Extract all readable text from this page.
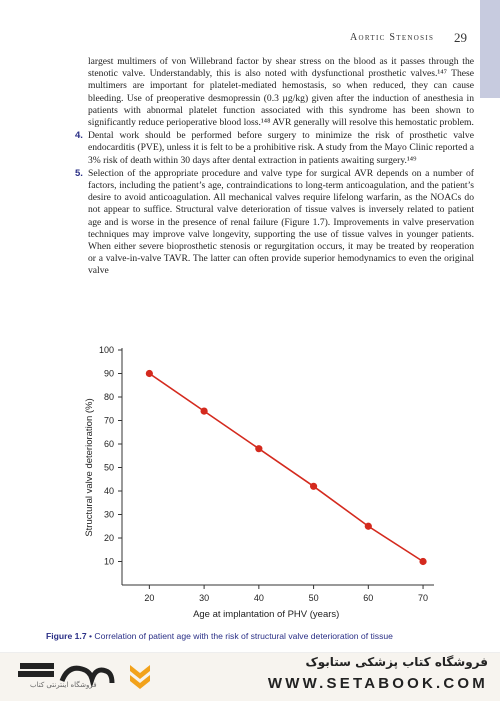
Aortic Stenosis 29

largest multimers of von Willebrand factor by shear stress on the blood as it passes through the stenotic valve. Understandably, this is also noted with dysfunctional prosthetic valves.¹⁴⁷ These multimers are important for platelet-mediated hemostasis, so when reduced, they can cause bleeding. Use of preoperative desmopressin (0.3 µg/kg) given after the induction of anesthesia in patients with abnormal platelet function associated with this syndrome has been shown to significantly reduce perioperative blood loss.¹⁴⁸ AVR generally will resolve this hemostatic problem.

4. Dental work should be performed before surgery to minimize the risk of prosthetic valve endocarditis (PVE), unless it is felt to be a prohibitive risk. A study from the Mayo Clinic reported a 3% risk of death within 30 days after dental extraction in patients awaiting surgery.¹⁴⁹

5. Selection of the appropriate procedure and valve type for surgical AVR depends on a number of factors, including the patient’s age, contraindications to long-term anticoagulation, and the patient’s desire to avoid anticoagulation. All mechanical valves require lifelong warfarin, as the NOACs do not appear to suffice. Structural valve deterioration of tissue valves is inversely related to patient age and is worse in the presence of renal failure (Figure 1.7). Improvements in valve preservation techniques may improve valve longevity, supporting the use of tissue valves in younger patients. When either severe bioprosthetic stenosis or regurgitation occurs, it may be treated by reoperation or a valve-in-valve TAVR. The latter can often provide superior hemodynamics to even the original valve

10
20
30
40
50
60
70
80
90
100
20	30	40	50	60	70
Structural valve deterioration (%)
Age at implantation of PHV (years)
Figure 1.7 • Correlation of patient age with the risk of structural valve deterioration of tissue
فروشگاه اینترنتی کتاب
فروشگاه کتاب پزشکی ستابوک
WWW.SETABOOK.COM
